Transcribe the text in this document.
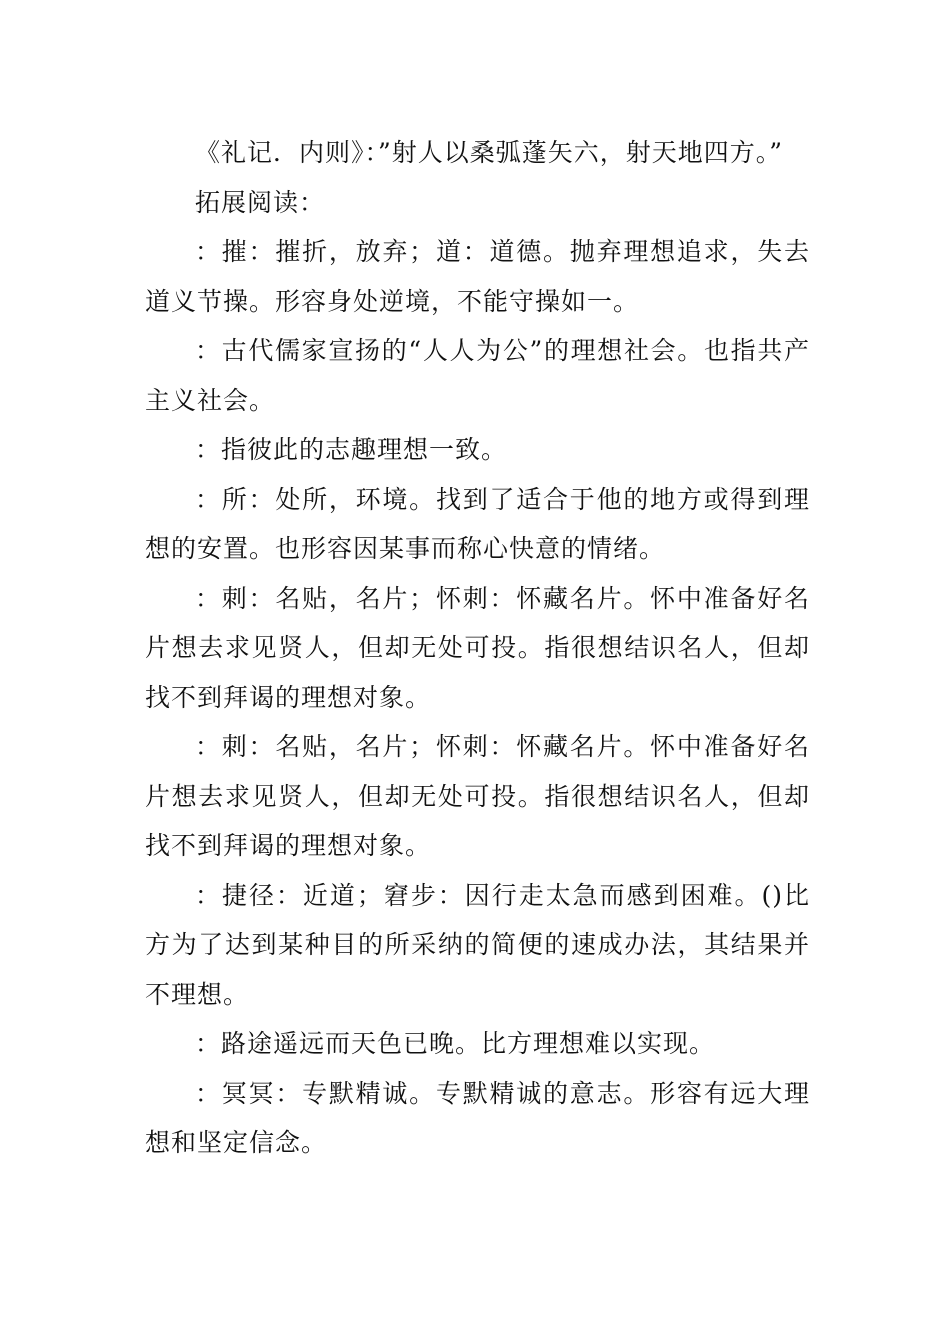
《礼记．内则》：”射人以桑弧蓬矢六，射天地四方。”

拓展阅读：

：摧：摧折，放弃；道：道德。抛弃理想追求，失去道义节操。形容身处逆境，不能守操如一。

：古代儒家宣扬的“人人为公”的理想社会。也指共产主义社会。

：指彼此的志趣理想一致。

：所：处所，环境。找到了适合于他的地方或得到理想的安置。也形容因某事而称心快意的情绪。

：刺：名贴，名片；怀刺：怀藏名片。怀中准备好名片想去求见贤人，但却无处可投。指很想结识名人，但却找不到拜谒的理想对象。

：刺：名贴，名片；怀刺：怀藏名片。怀中准备好名片想去求见贤人，但却无处可投。指很想结识名人，但却找不到拜谒的理想对象。

：捷径：近道；窘步：因行走太急而感到困难。()比方为了达到某种目的所采纳的简便的速成办法，其结果并不理想。

：路途遥远而天色已晚。比方理想难以实现。

：冥冥：专默精诚。专默精诚的意志。形容有远大理想和坚定信念。
